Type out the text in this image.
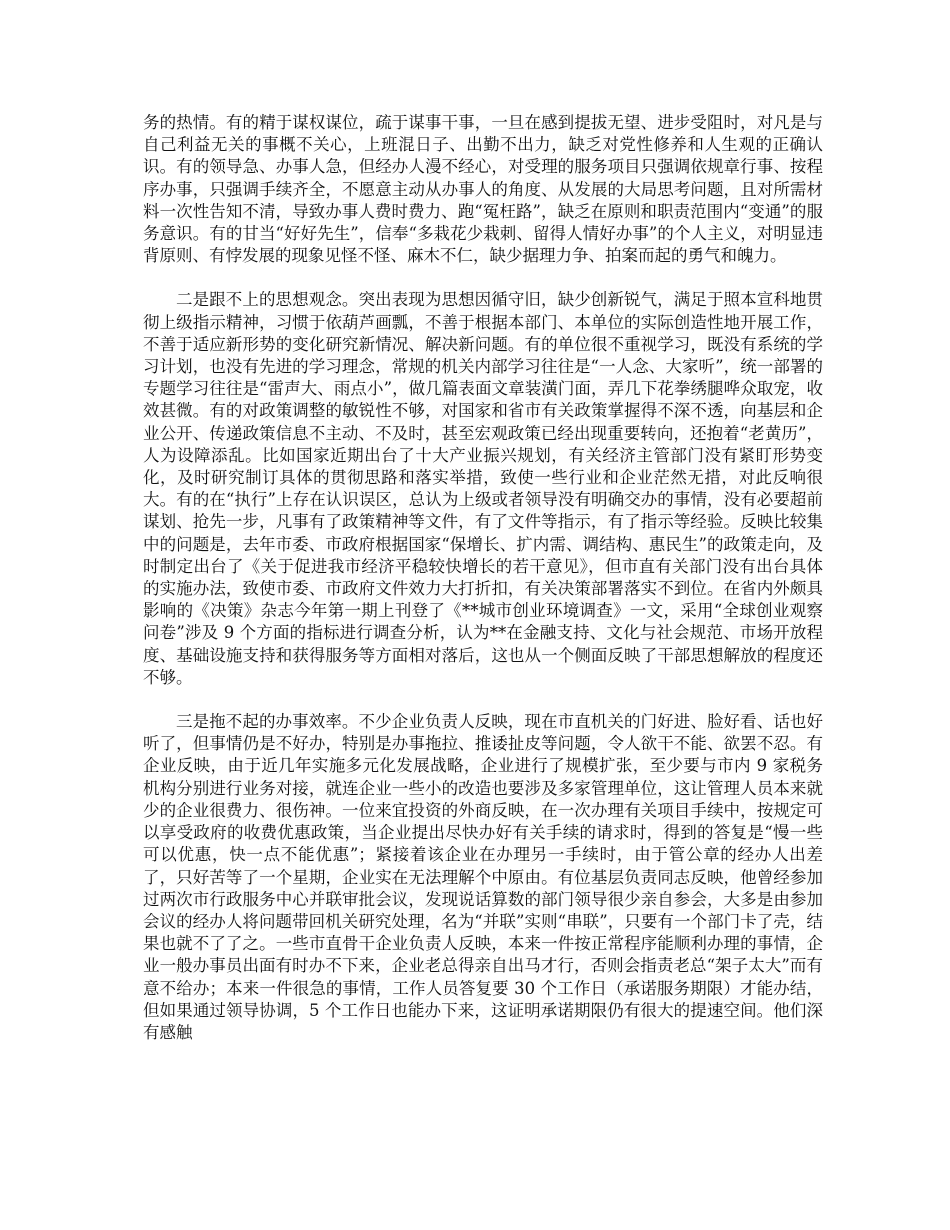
务的热情。有的精于谋权谋位，疏于谋事干事，一旦在感到提拔无望、进步受阻时，对凡是与自己利益无关的事概不关心，上班混日子、出勤不出力，缺乏对党性修养和人生观的正确认识。有的领导急、办事人急，但经办人漫不经心，对受理的服务项目只强调依规章行事、按程序办事，只强调手续齐全，不愿意主动从办事人的角度、从发展的大局思考问题，且对所需材料一次性告知不清，导致办事人费时费力、跑“冤枉路”，缺乏在原则和职责范围内“变通”的服务意识。有的甘当“好好先生”，信奉“多栽花少栽刺、留得人情好办事”的个人主义，对明显违背原则、有悖发展的现象见怪不怪、麻木不仁，缺少据理力争、拍案而起的勇气和魄力。

二是跟不上的思想观念。突出表现为思想因循守旧，缺少创新锐气，满足于照本宣科地贯彻上级指示精神，习惯于依葫芦画瓢，不善于根据本部门、本单位的实际创造性地开展工作，不善于适应新形势的变化研究新情况、解决新问题。有的单位很不重视学习，既没有系统的学习计划，也没有先进的学习理念，常规的机关内部学习往往是“一人念、大家听”，统一部署的专题学习往往是“雷声大、雨点小”，做几篇表面文章装潢门面，弄几下花拳绣腿哗众取宠，收效甚微。有的对政策调整的敏锐性不够，对国家和省市有关政策掌握得不深不透，向基层和企业公开、传递政策信息不主动、不及时，甚至宏观政策已经出现重要转向，还抱着“老黄历”，人为设障添乱。比如国家近期出台了十大产业振兴规划，有关经济主管部门没有紧盯形势变化，及时研究制订具体的贯彻思路和落实举措，致使一些行业和企业茫然无措，对此反响很大。有的在“执行”上存在认识误区，总认为上级或者领导没有明确交办的事情，没有必要超前谋划、抢先一步，凡事有了政策精神等文件，有了文件等指示，有了指示等经验。反映比较集中的问题是，去年市委、市政府根据国家“保增长、扩内需、调结构、惠民生”的政策走向，及时制定出台了《关于促进我市经济平稳较快增长的若干意见》，但市直有关部门没有出台具体的实施办法，致使市委、市政府文件效力大打折扣，有关决策部署落实不到位。在省内外颇具影响的《决策》杂志今年第一期上刊登了《**城市创业环境调查》一文，采用“全球创业观察问卷”涉及 9 个方面的指标进行调查分析，认为**在金融支持、文化与社会规范、市场开放程度、基础设施支持和获得服务等方面相对落后，这也从一个侧面反映了干部思想解放的程度还不够。

三是拖不起的办事效率。不少企业负责人反映，现在市直机关的门好进、脸好看、话也好听了，但事情仍是不好办，特别是办事拖拉、推诿扯皮等问题，令人欲干不能、欲罢不忍。有企业反映，由于近几年实施多元化发展战略，企业进行了规模扩张，至少要与市内 9 家税务机构分别进行业务对接，就连企业一些小的改造也要涉及多家管理单位，这让管理人员本来就少的企业很费力、很伤神。一位来宜投资的外商反映，在一次办理有关项目手续中，按规定可以享受政府的收费优惠政策，当企业提出尽快办好有关手续的请求时，得到的答复是“慢一些可以优惠，快一点不能优惠”；紧接着该企业在办理另一手续时，由于管公章的经办人出差了，只好苦等了一个星期，企业实在无法理解个中原由。有位基层负责同志反映，他曾经参加过两次市行政服务中心并联审批会议，发现说话算数的部门领导很少亲自参会，大多是由参加会议的经办人将问题带回机关研究处理，名为“并联”实则“串联”，只要有一个部门卡了壳，结果也就不了了之。一些市直骨干企业负责人反映，本来一件按正常程序能顺利办理的事情，企业一般办事员出面有时办不下来，企业老总得亲自出马才行，否则会指责老总“架子太大”而有意不给办；本来一件很急的事情，工作人员答复要 30 个工作日（承诺服务期限）才能办结，但如果通过领导协调，5 个工作日也能办下来，这证明承诺期限仍有很大的提速空间。他们深有感触
